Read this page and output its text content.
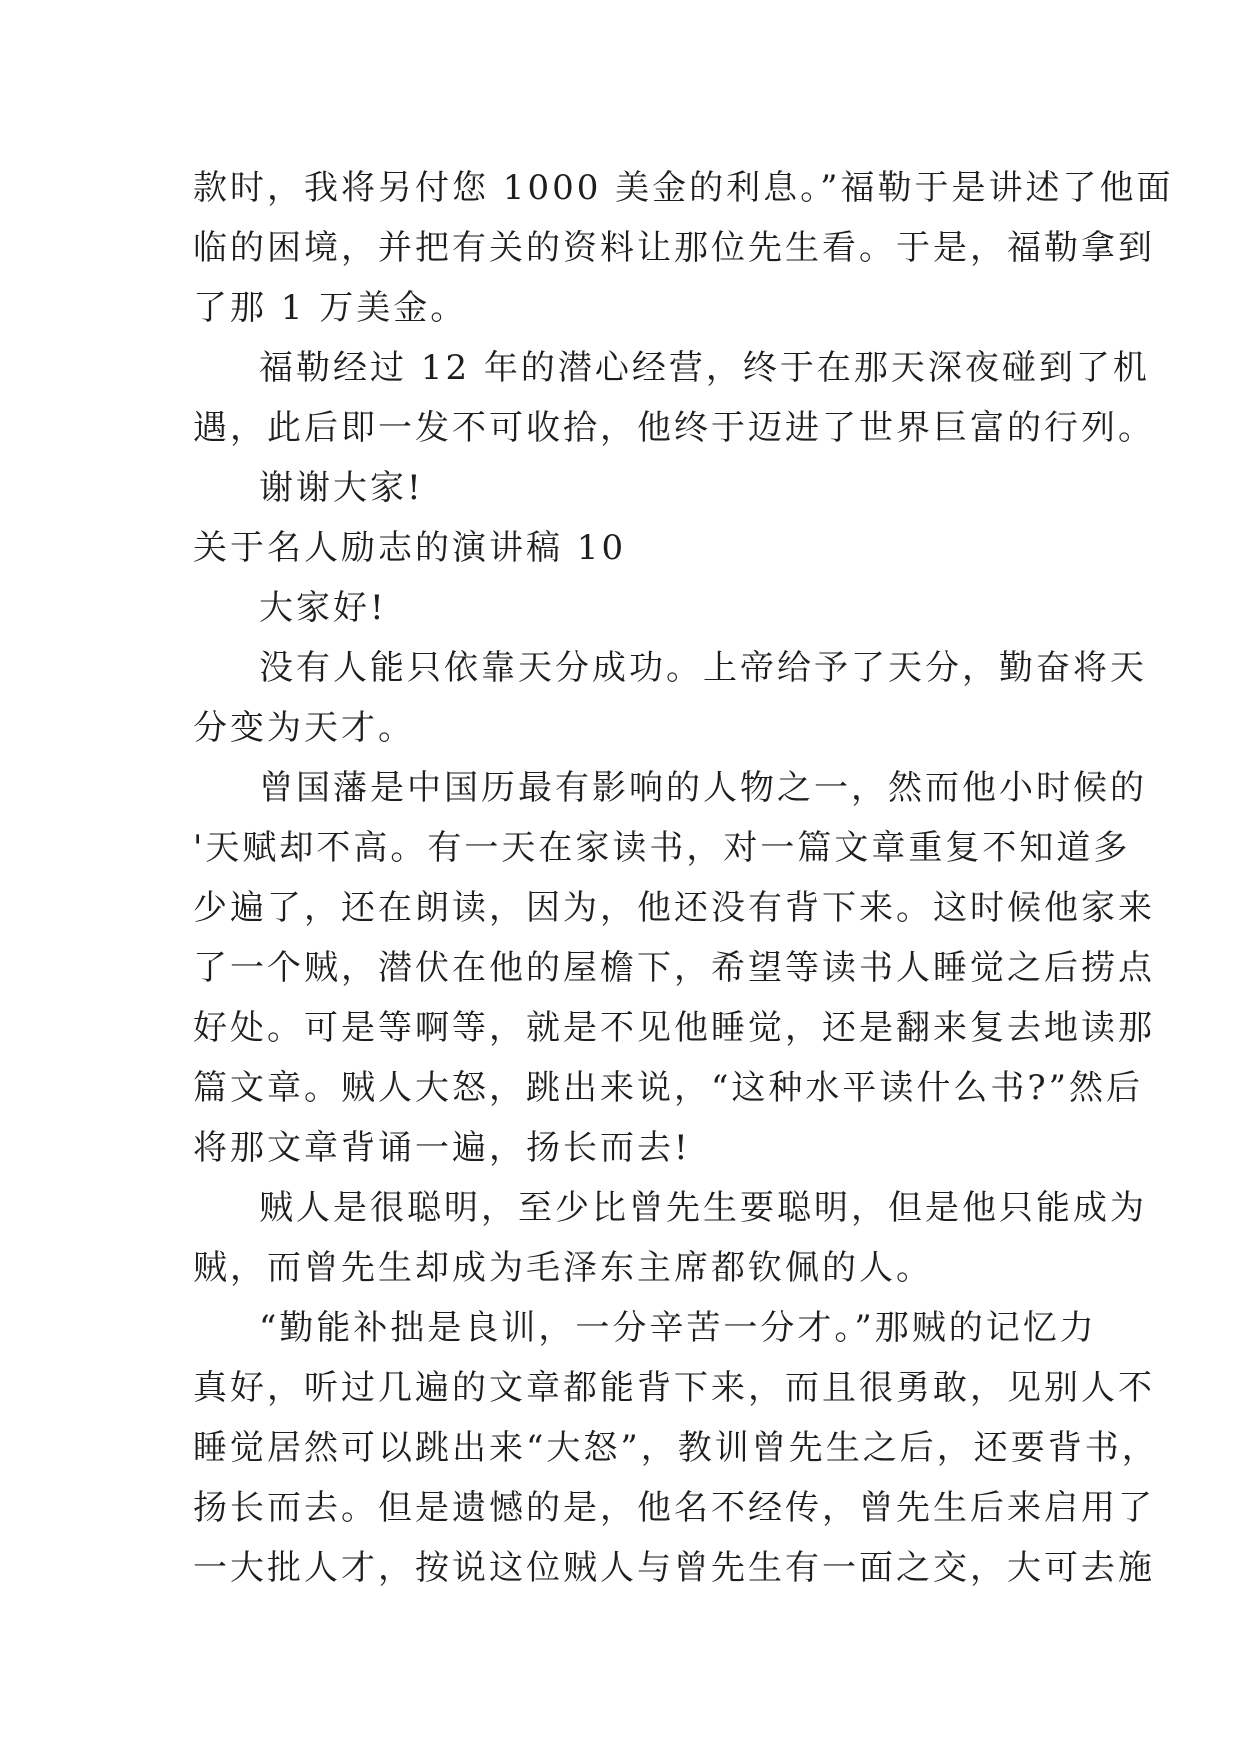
款时，我将另付您 1000 美金的利息。”福勒于是讲述了他面
临的困境，并把有关的资料让那位先生看。于是，福勒拿到
了那 1 万美金。
福勒经过 12 年的潜心经营，终于在那天深夜碰到了机
遇，此后即一发不可收拾，他终于迈进了世界巨富的行列。
谢谢大家!
关于名人励志的演讲稿 10
大家好!
没有人能只依靠天分成功。上帝给予了天分，勤奋将天
分变为天才。
曾国藩是中国历最有影响的人物之一，然而他小时候的
'天赋却不高。有一天在家读书，对一篇文章重复不知道多
少遍了，还在朗读，因为，他还没有背下来。这时候他家来
了一个贼，潜伏在他的屋檐下，希望等读书人睡觉之后捞点
好处。可是等啊等，就是不见他睡觉，还是翻来复去地读那
篇文章。贼人大怒，跳出来说，“这种水平读什么书?”然后
将那文章背诵一遍，扬长而去!
贼人是很聪明，至少比曾先生要聪明，但是他只能成为
贼，而曾先生却成为毛泽东主席都钦佩的人。
“勤能补拙是良训，一分辛苦一分才。”那贼的记忆力
真好，听过几遍的文章都能背下来，而且很勇敢，见别人不
睡觉居然可以跳出来“大怒”，教训曾先生之后，还要背书，
扬长而去。但是遗憾的是，他名不经传，曾先生后来启用了
一大批人才，按说这位贼人与曾先生有一面之交，大可去施
